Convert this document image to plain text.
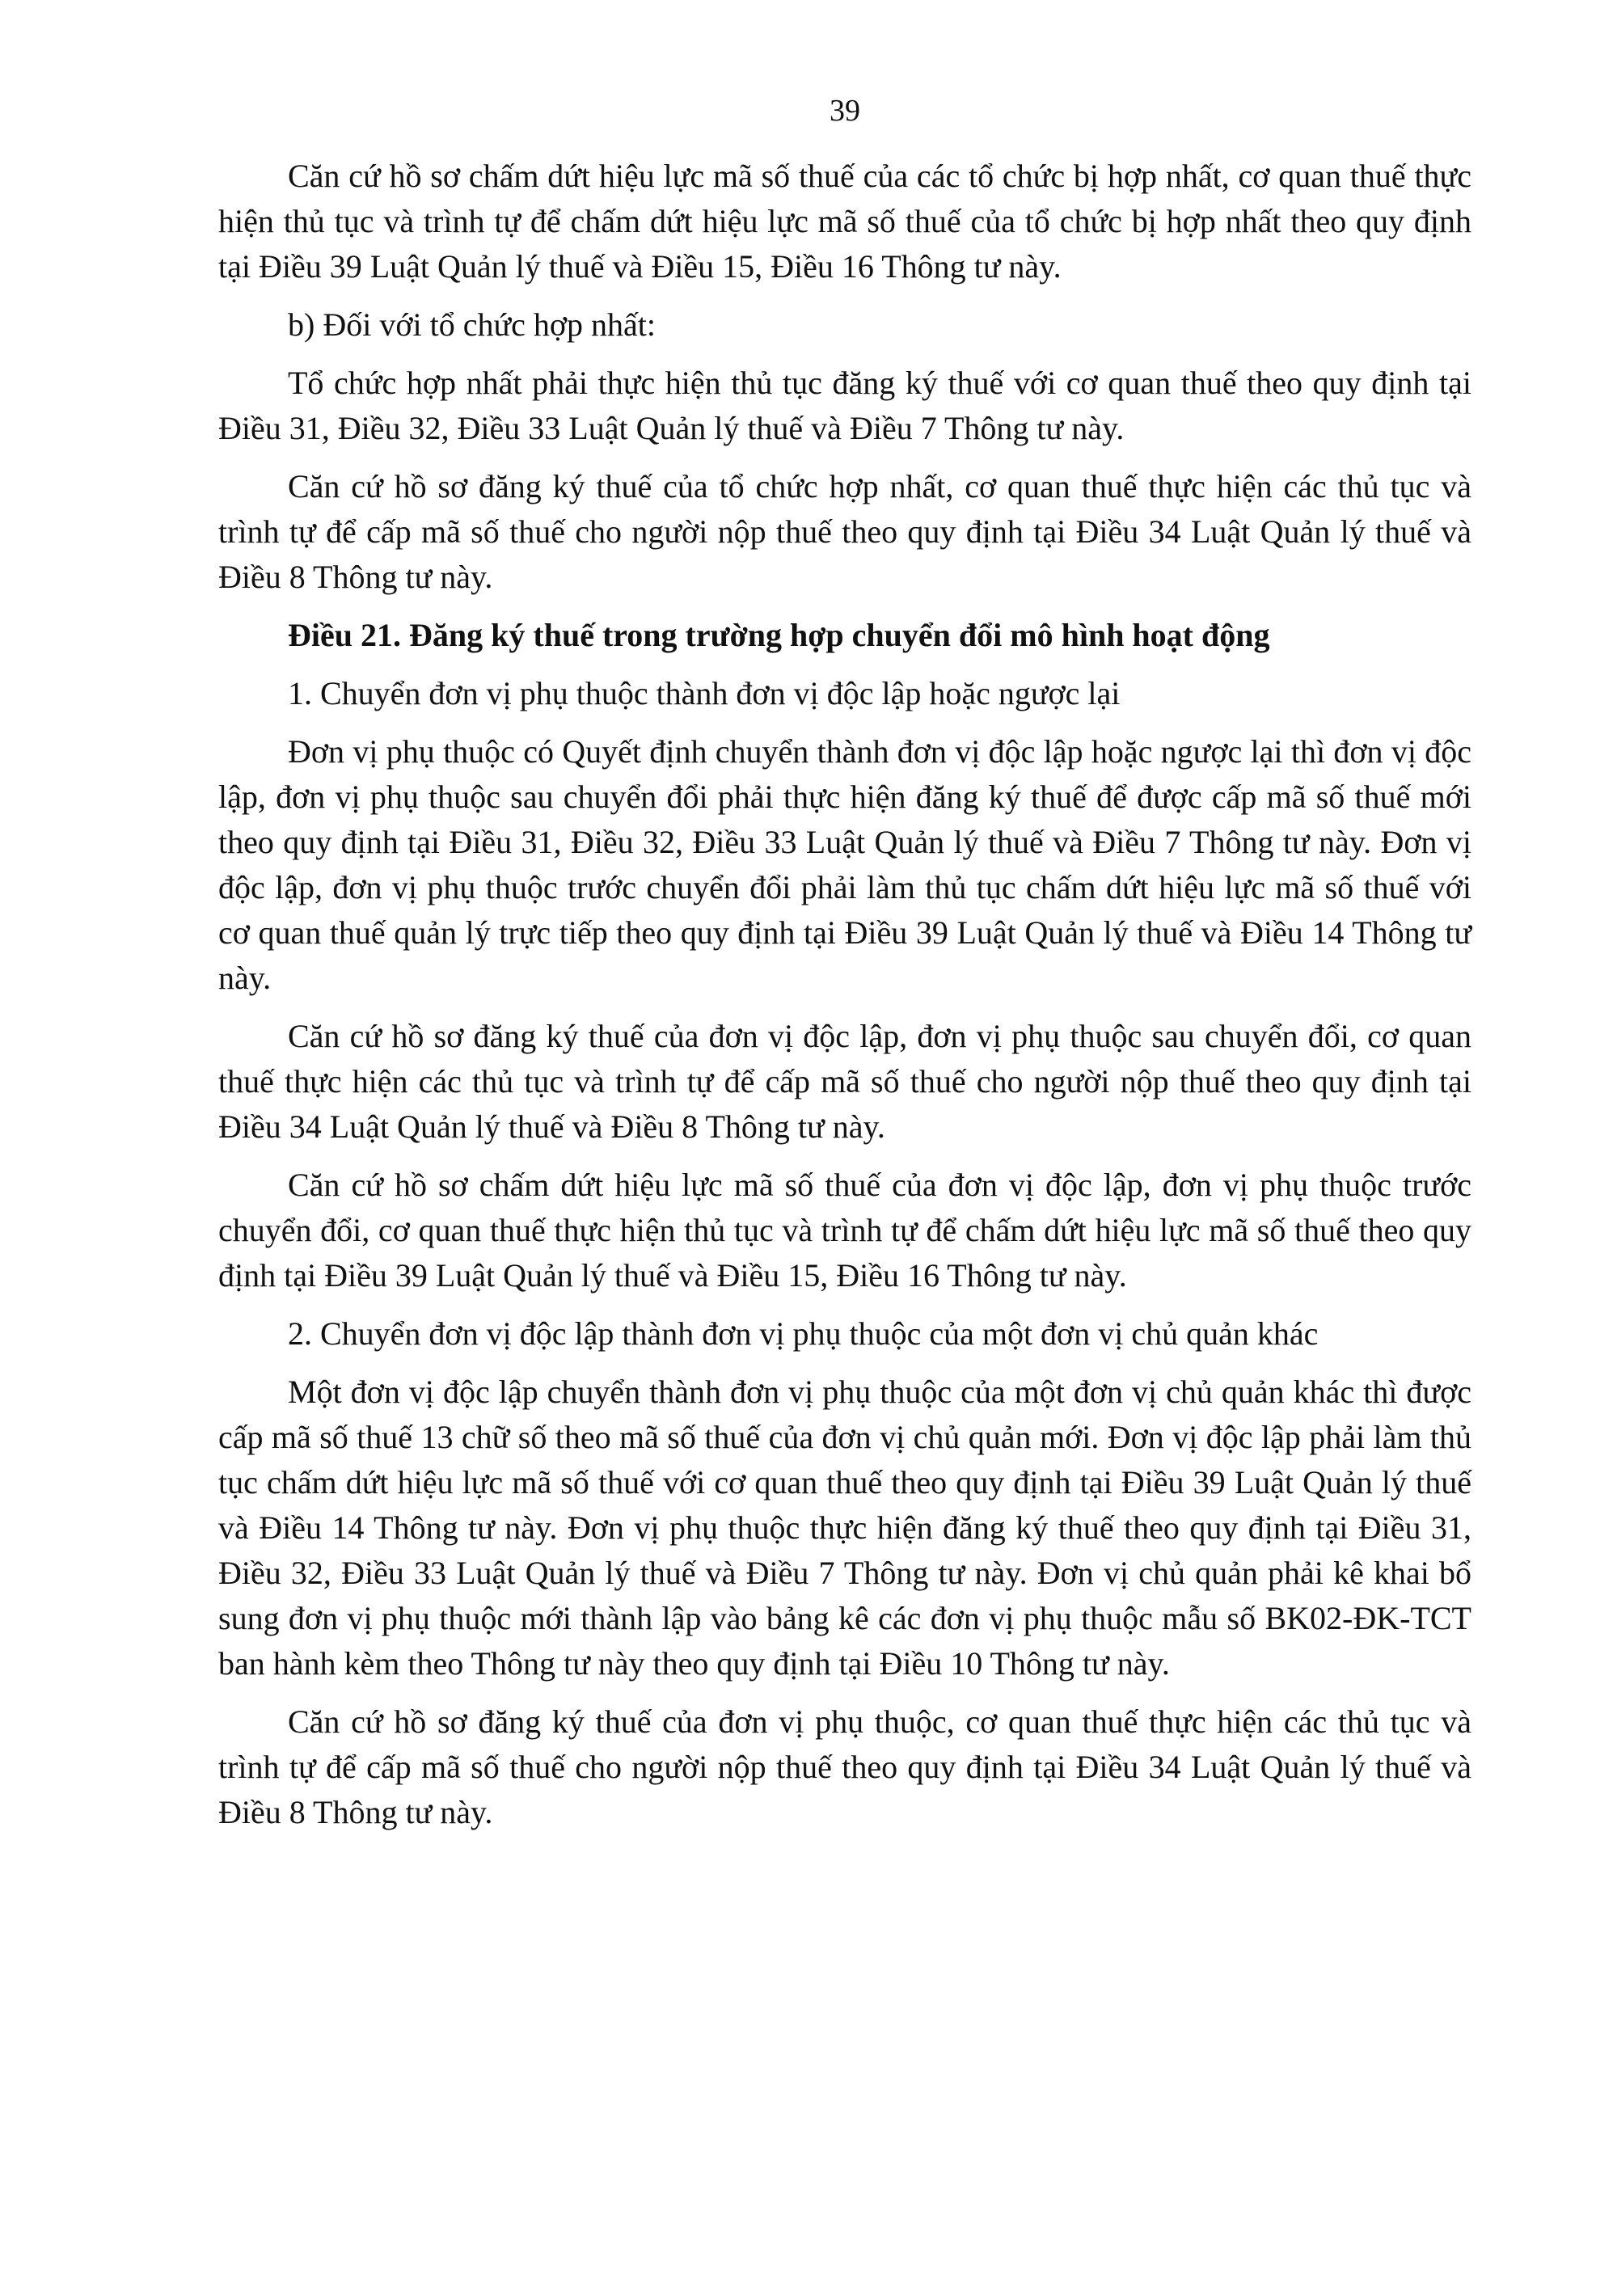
39

Căn cứ hồ sơ chấm dứt hiệu lực mã số thuế của các tổ chức bị hợp nhất, cơ quan thuế thực hiện thủ tục và trình tự để chấm dứt hiệu lực mã số thuế của tổ chức bị hợp nhất theo quy định tại Điều 39 Luật Quản lý thuế và Điều 15, Điều 16 Thông tư này.

b) Đối với tổ chức hợp nhất:

Tổ chức hợp nhất phải thực hiện thủ tục đăng ký thuế với cơ quan thuế theo quy định tại Điều 31, Điều 32, Điều 33 Luật Quản lý thuế và Điều 7 Thông tư này.

Căn cứ hồ sơ đăng ký thuế của tổ chức hợp nhất, cơ quan thuế thực hiện các thủ tục và trình tự để cấp mã số thuế cho người nộp thuế theo quy định tại Điều 34 Luật Quản lý thuế và Điều 8 Thông tư này.

Điều 21. Đăng ký thuế trong trường hợp chuyển đổi mô hình hoạt động

1. Chuyển đơn vị phụ thuộc thành đơn vị độc lập hoặc ngược lại

Đơn vị phụ thuộc có Quyết định chuyển thành đơn vị độc lập hoặc ngược lại thì đơn vị độc lập, đơn vị phụ thuộc sau chuyển đổi phải thực hiện đăng ký thuế để được cấp mã số thuế mới theo quy định tại Điều 31, Điều 32, Điều 33 Luật Quản lý thuế và Điều 7 Thông tư này. Đơn vị độc lập, đơn vị phụ thuộc trước chuyển đổi phải làm thủ tục chấm dứt hiệu lực mã số thuế với cơ quan thuế quản lý trực tiếp theo quy định tại Điều 39 Luật Quản lý thuế và Điều 14 Thông tư này.

Căn cứ hồ sơ đăng ký thuế của đơn vị độc lập, đơn vị phụ thuộc sau chuyển đổi, cơ quan thuế thực hiện các thủ tục và trình tự để cấp mã số thuế cho người nộp thuế theo quy định tại Điều 34 Luật Quản lý thuế và Điều 8 Thông tư này.

Căn cứ hồ sơ chấm dứt hiệu lực mã số thuế của đơn vị độc lập, đơn vị phụ thuộc trước chuyển đổi, cơ quan thuế thực hiện thủ tục và trình tự để chấm dứt hiệu lực mã số thuế theo quy định tại Điều 39 Luật Quản lý thuế và Điều 15, Điều 16 Thông tư này.

2. Chuyển đơn vị độc lập thành đơn vị phụ thuộc của một đơn vị chủ quản khác

Một đơn vị độc lập chuyển thành đơn vị phụ thuộc của một đơn vị chủ quản khác thì được cấp mã số thuế 13 chữ số theo mã số thuế của đơn vị chủ quản mới. Đơn vị độc lập phải làm thủ tục chấm dứt hiệu lực mã số thuế với cơ quan thuế theo quy định tại Điều 39 Luật Quản lý thuế và Điều 14 Thông tư này. Đơn vị phụ thuộc thực hiện đăng ký thuế theo quy định tại Điều 31, Điều 32, Điều 33 Luật Quản lý thuế và Điều 7 Thông tư này. Đơn vị chủ quản phải kê khai bổ sung đơn vị phụ thuộc mới thành lập vào bảng kê các đơn vị phụ thuộc mẫu số BK02-ĐK-TCT ban hành kèm theo Thông tư này theo quy định tại Điều 10 Thông tư này.

Căn cứ hồ sơ đăng ký thuế của đơn vị phụ thuộc, cơ quan thuế thực hiện các thủ tục và trình tự để cấp mã số thuế cho người nộp thuế theo quy định tại Điều 34 Luật Quản lý thuế và Điều 8 Thông tư này.
